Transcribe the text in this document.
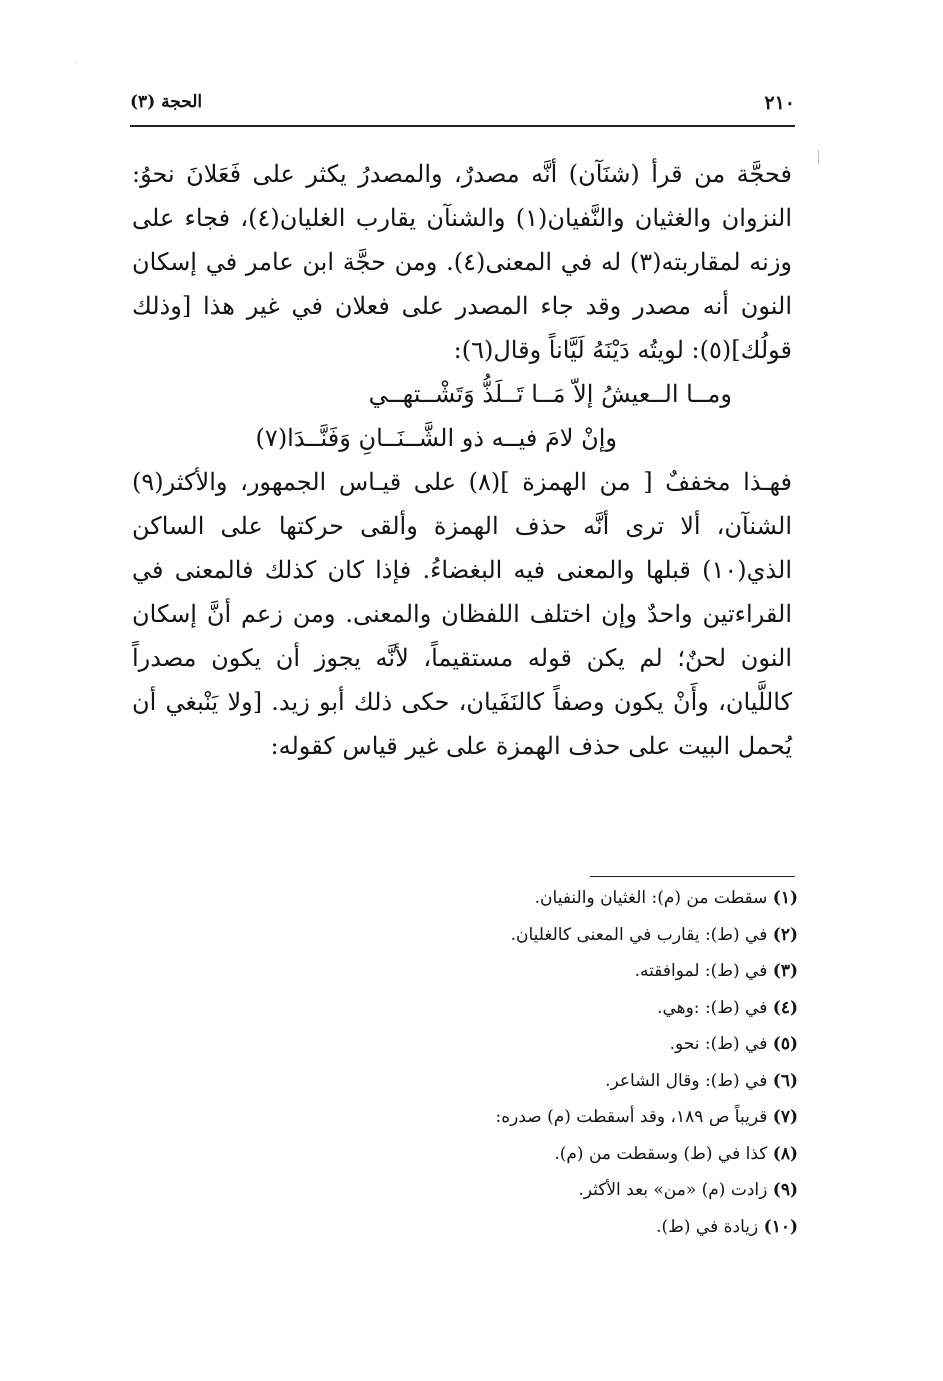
٢١٠
الحجة (٣)

فحجَّة من قرأ (شنَآن) أنَّه مصدرٌ، والمصدرُ يكثر على فَعَلانَ نحوُ: النزوان والغثيان والنَّفيان(١) والشنآن يقارب الغليان(٤)، فجاء على وزنه لمقاربته(٣) له في المعنى(٤). ومن حجَّة ابن عامر في إسكان النون أنه مصدر وقد جاء المصدر على فعلان في غير هذا [وذلك قولُك](٥): لويتُه دَيْنَهُ لَيَّاناً وقال(٦):

ومــا الــعيشُ إلاّ مَــا تَــلَذُّ وَتَشْــتهــي
وإنْ لامَ فيــه ذو الشَّــنَــانِ وَفَنَّــدَا(٧)

فهـذا مخففٌ [ من الهمزة ](٨) على قيـاس الجمهور، والأكثر(٩) الشنآن، ألا ترى أنَّه حذف الهمزة وألقى حركتها على الساكن الذي(١٠) قبلها والمعنى فيه البغضاءُ. فإذا كان كذلك فالمعنى في القراءتين واحدٌ وإن اختلف اللفظان والمعنى. ومن زعم أنَّ إسكان النون لحنٌ؛ لم يكن قوله مستقيماً، لأنَّه يجوز أن يكون مصدراً كاللَّيان، وأَنْ يكون وصفاً كالنَفَيان، حكى ذلك أبو زيد. [ولا يَنْبغي أن يُحمل البيت على حذف الهمزة على غير قياس كقوله:

(١) سقطت من (م): الغثيان والنفيان.
(٢) في (ط): يقارب في المعنى كالغليان.
(٣) في (ط): لموافقته.
(٤) في (ط): :وهي.
(٥) في (ط): نحو.
(٦) في (ط): وقال الشاعر.
(٧) قريباً ص ١٨٩، وقد أسقطت (م) صدره:
(٨) كذا في (ط) وسقطت من (م).
(٩) زادت (م) «من» بعد الأكثر.
(١٠) زيادة في (ط).
